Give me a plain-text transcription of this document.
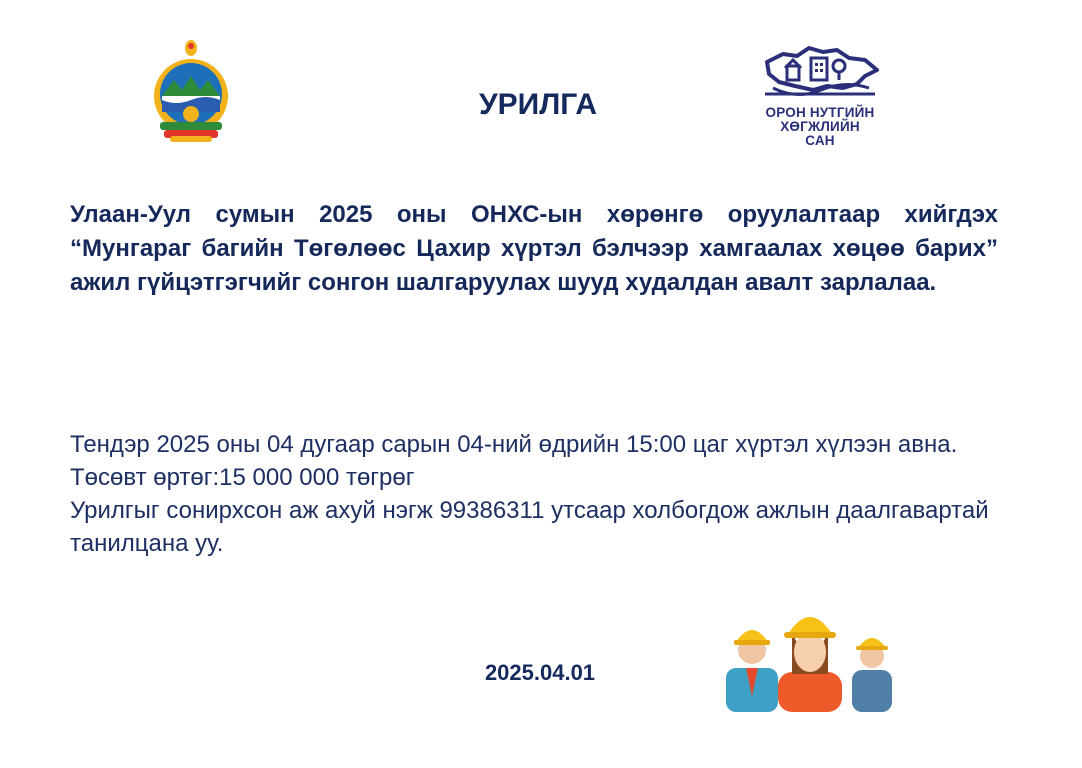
УРИЛГА	ОРОН НУТГИЙН
ХӨГЖЛИЙН
САН

Улаан-Уул сумын 2025 оны ОНХС-ын хөрөнгө оруулалтаар хийгдэх “Мунгараг багийн Төгөлөөс Цахир хүртэл бэлчээр хамгаалах хөцөө барих” ажил гүйцэтгэгчийг сонгон шалгаруулах шууд худалдан авалт зарлалаа.

Тендэр 2025 оны 04 дугаар сарын 04-ний өдрийн 15:00 цаг хүртэл хүлээн авна.

Төсөвт өртөг:15 000 000 төгрөг

Урилгыг сонирхсон аж ахуй нэгж 99386311 утсаар холбогдож ажлын даалгавартай танилцана уу.

2025.04.01
